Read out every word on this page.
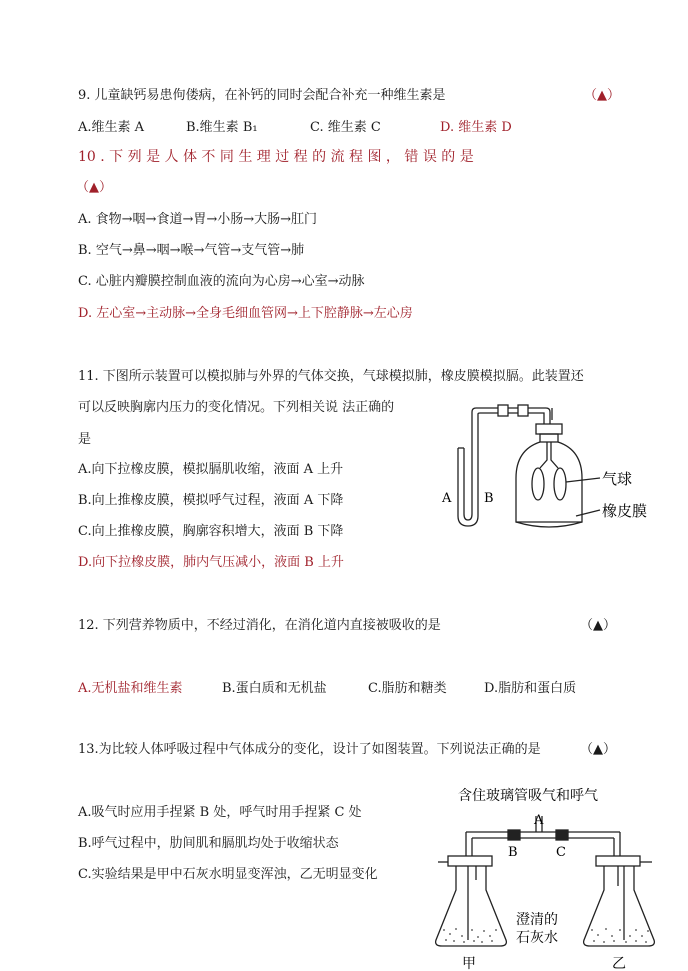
9. 儿童缺钙易患佝偻病，在补钙的同时会配合补充一种维生素是	（▲）
A.维生素 A	B.维生素 B₁	C. 维生素 C	D. 维生素 D
10 . 下 列 是 人 体 不 同 生 理 过 程 的 流 程 图 ， 错 误 的 是
（▲）
A. 食物→咽→食道→胃→小肠→大肠→肛门
B. 空气→鼻→咽→喉→气管→支气管→肺
C. 心脏内瓣膜控制血液的流向为心房→心室→动脉
D. 左心室→主动脉→全身毛细血管网→上下腔静脉→左心房
11. 下图所示装置可以模拟肺与外界的气体交换，气球模拟肺，橡皮膜模拟膈。此装置还
可以反映胸廓内压力的变化情况。下列相关说 法正确的
是
A.向下拉橡皮膜，模拟膈肌收缩，液面 A 上升
B.向上推橡皮膜，模拟呼气过程，液面 A 下降
C.向上推橡皮膜，胸廓容积增大，液面 B 下降
D.向下拉橡皮膜，肺内气压减小，液面 B 上升
A	B
气球
橡皮膜
12. 下列营养物质中，不经过消化，在消化道内直接被吸收的是	（▲）
A.无机盐和维生素	B.蛋白质和无机盐	C.脂肪和糖类	D.脂肪和蛋白质
13.为比较人体呼吸过程中气体成分的变化，设计了如图装置。下列说法正确的是	（▲）
A.吸气时应用手捏紧 B 处，呼气时用手捏紧 C 处
B.呼气过程中，肋间肌和膈肌均处于收缩状态
C.实验结果是甲中石灰水明显变浑浊，乙无明显变化
含住玻璃管吸气和呼气
A
B	C
澄清的
石灰水
甲	乙
